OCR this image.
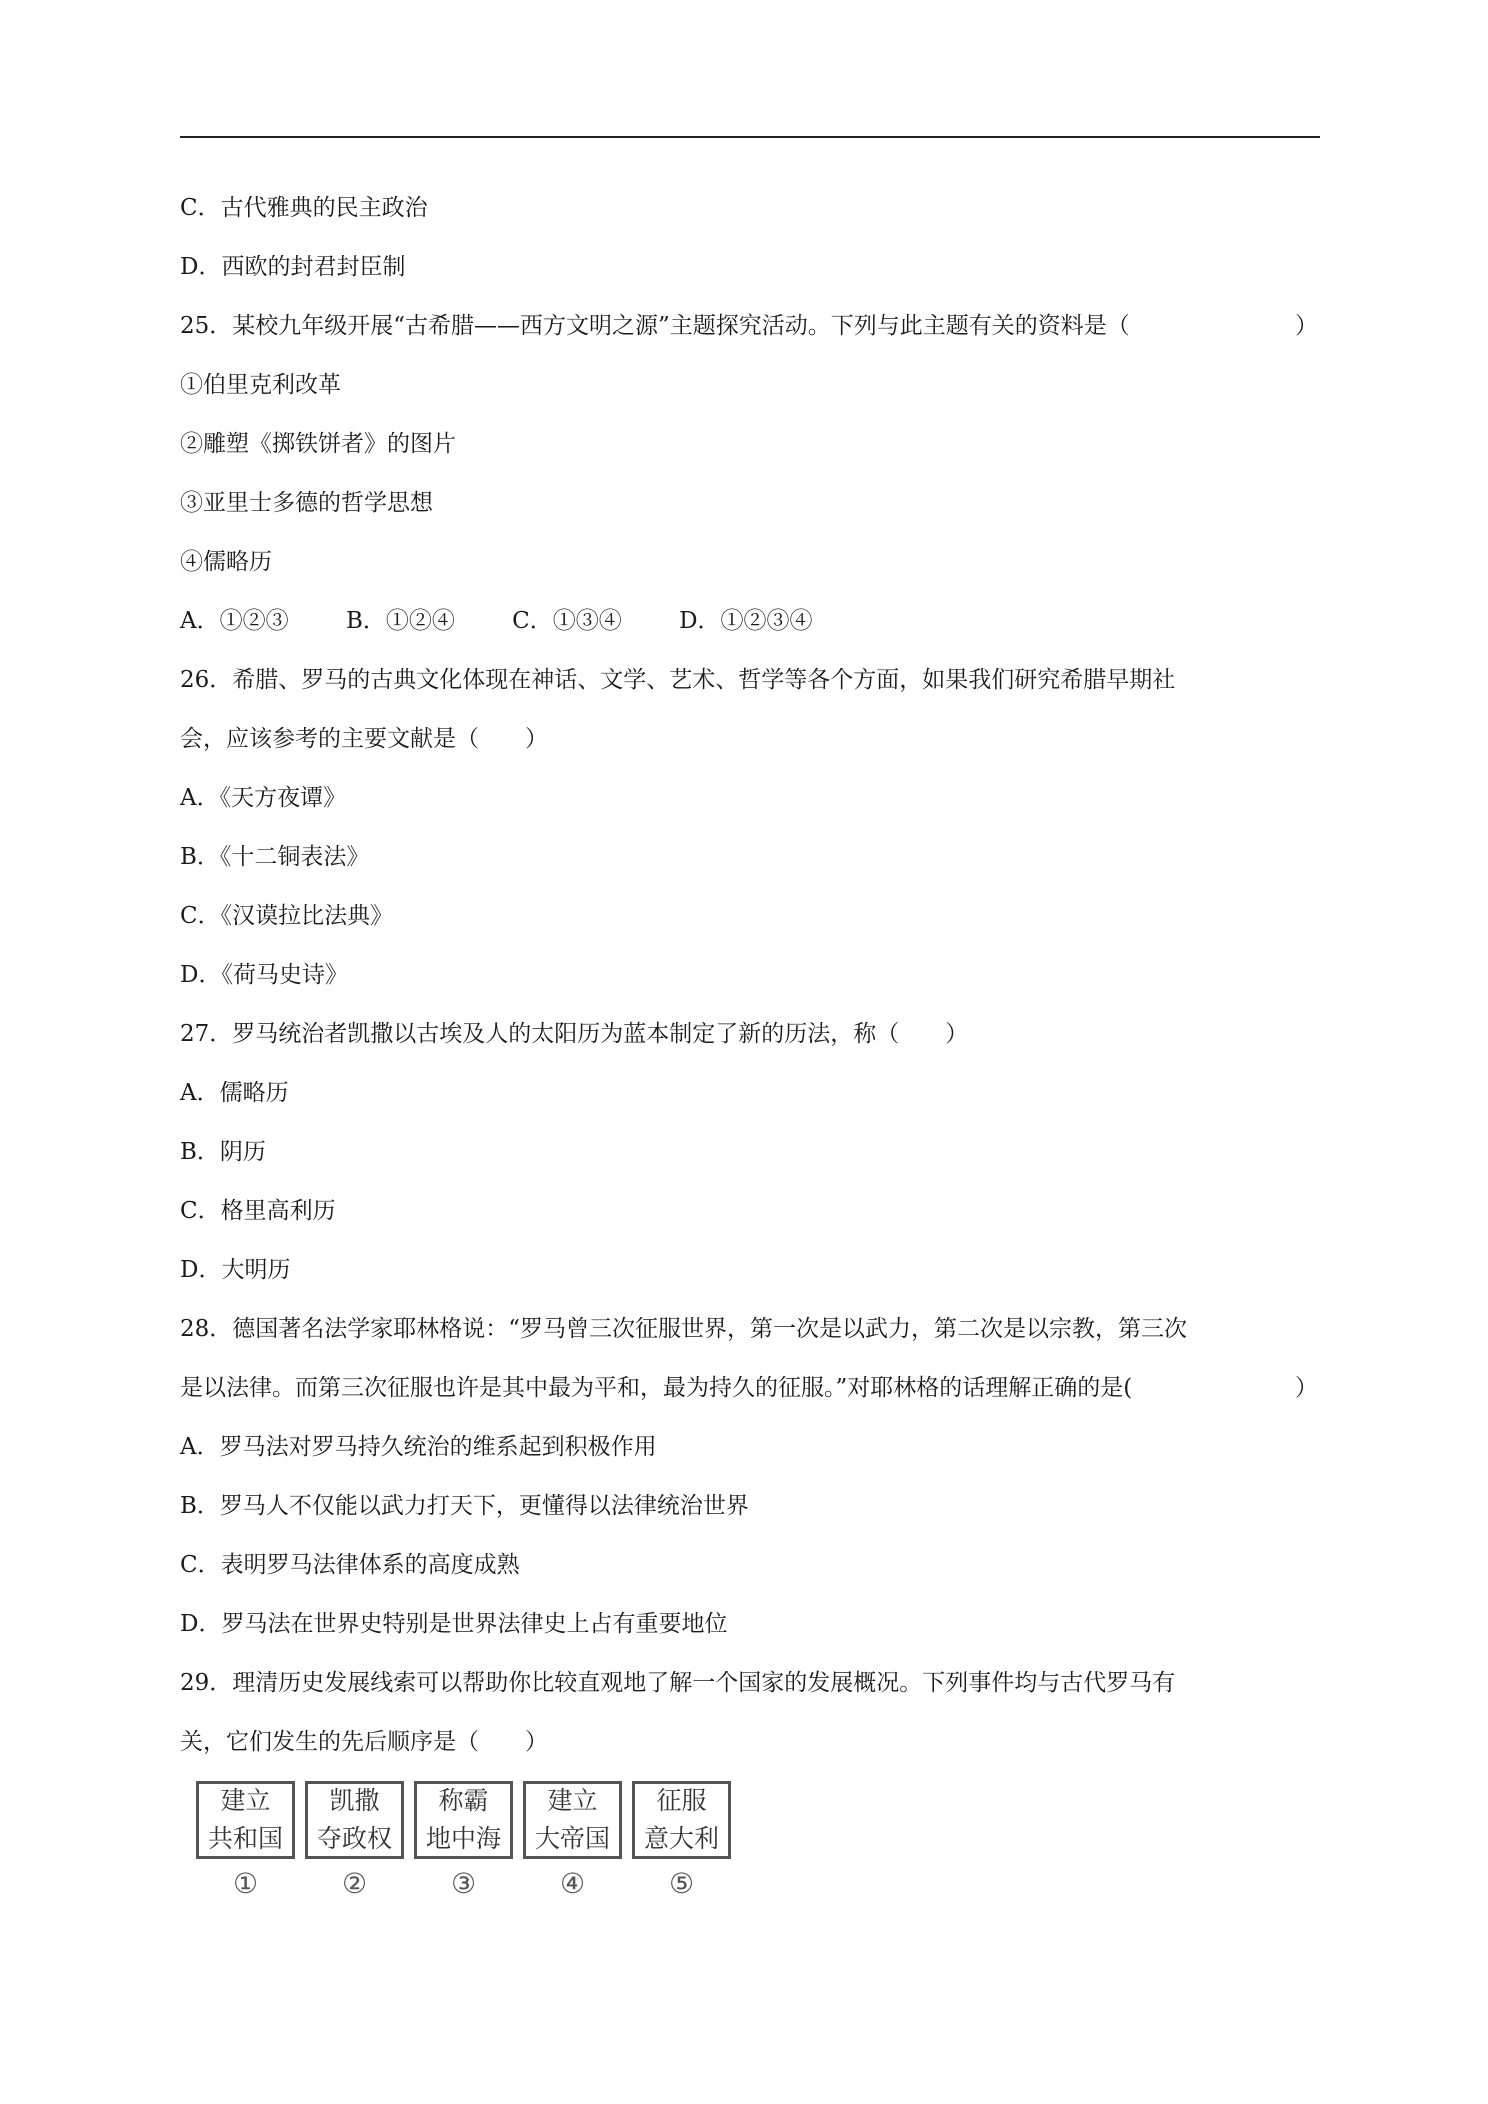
C．古代雅典的民主政治
D．西欧的封君封臣制
25．某校九年级开展“古希腊——西方文明之源”主题探究活动。下列与此主题有关的资料是（	）
①伯里克利改革
②雕塑《掷铁饼者》的图片
③亚里士多德的哲学思想
④儒略历
A．①②③ B．①②④ C．①③④ D．①②③④
26．希腊、罗马的古典文化体现在神话、文学、艺术、哲学等各个方面，如果我们研究希腊早期社
会，应该参考的主要文献是（　　）
A．《天方夜谭》
B．《十二铜表法》
C．《汉谟拉比法典》
D．《荷马史诗》
27．罗马统治者凯撒以古埃及人的太阳历为蓝本制定了新的历法，称（　　）
A．儒略历
B．阴历
C．格里高利历
D．大明历
28．德国著名法学家耶林格说：“罗马曾三次征服世界，第一次是以武力，第二次是以宗教，第三次
是以法律。而第三次征服也许是其中最为平和，最为持久的征服。”对耶林格的话理解正确的是(	）
A．罗马法对罗马持久统治的维系起到积极作用
B．罗马人不仅能以武力打天下，更懂得以法律统治世界
C．表明罗马法律体系的高度成熟
D．罗马法在世界史特别是世界法律史上占有重要地位
29．理清历史发展线索可以帮助你比较直观地了解一个国家的发展概况。下列事件均与古代罗马有
关，它们发生的先后顺序是（　　）
建立
共和国
凯撒
夺政权
称霸
地中海
建立
大帝国
征服
意大利
①	②	③	④	⑤
